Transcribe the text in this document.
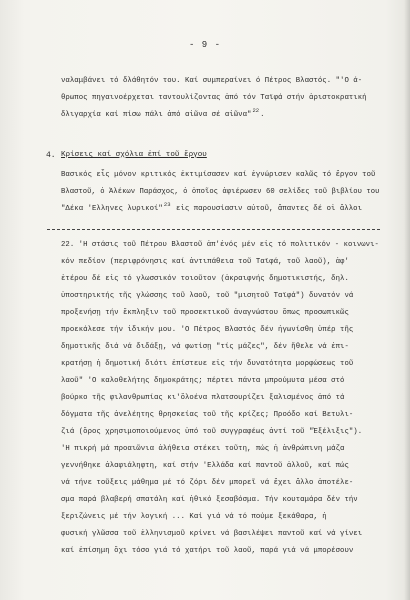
- 9 -
ναλαμβάνει τό δλάθητόν του. Καί συμπεραίνει ό Πέτρος Βλαστός. "'Ο ά-
θρωπος πηγαινοέρχεται ταντουλίζοντας ἀπό τόν Ταϊφά στήν ἀριστοκρατική
δλιγαρχία καί πίσω πάλι ἀπό αἰῶνα σέ αἰῶνα"$^{22}$.
4. Κρίσεις καί σχόλια ἐπί τοῦ ἔργου
Βασικός εἶς μόνον κριτικός ἐκτιμίσασεν καί ἐγνώρισεν καλῶς τό ἔργον τοῦ
Βλαστοῦ, ὁ Ἀλέκων Παράσχος, ὁ ὁποῖος ἀφιέρωσεν 60 σελίδες τοῦ βιβλίου του
"Δέκα 'Ελληνες λυρικοί"$^{23}$ εἰς παρουσίασιν αὐτοῦ, ἅπαντες δέ οἱ ἄλλοι
22. 'Η στάσις τοῦ Πέτρου Βλαστοῦ ἀπ'ἐνός μέν εἰς τό πολιτικόν - κοινωνι-
κόν πεδίον (περιφρόνησις καί ἀντιπάθεια τοῦ Ταϊφά, τοῦ λαοῦ), ἀφ'
ἑτέρου δέ εἰς τό γλωσσικόν τοιοῦτον (ἀκραιφνής δημοτικιστής, δηλ.
ὑποστηρικτής τῆς γλώσσης τοῦ λαοῦ, τοῦ "μισητοῦ Ταϊφά") δυνατόν νά
προξενήσῃ τήν ἔκπληξιν τοῦ προσεκτικοῦ ἀναγνώστου ὅπως προσωπικῶς
προεκάλεσε τήν ἰδικήν μου. 'Ο Πέτρος Βλαστός δέν ἠγωνίσθη ὑπέρ τῆς
δημοτικῆς διά νά διδάξῃ, νά φωτίσῃ "τίς μάζες", δέν ἤθελε νά ἐπι-
κρατήσῃ ἡ δημοτική διότι ἐπίστευε εἰς τήν δυνατότητα μορφώσεως τοῦ
λαοῦ" 'Ο καλοθελήτης δημοκράτης; πέρτει πάντα μπρούμυτα μέσα στό
βούρκο τῆς φιλανθρωπίας κι'ὅλοένα πλατσουρίζει ξαλισμένος ἀπό τά
δόγματα τῆς ἀνελέητης θρησκείας τοῦ τῆς κρίζες; Προόδο καί Βετυλι-
ζιά (ὅρος χρησιμοποιούμενος ὑπό τοῦ συγγραφέως ἀντί τοῦ "Ἐξέλιξις").
'Η πικρή μά προαιῶνια ἀλήθεια στέκει τοῦτη, πώς ἡ ἀνθρώπινη μάζα
γεννήθηκε ἀλαφιάληφτη, καί στήν 'Ελλάδα καί παντοῦ ἀλλοῦ, καί πώς
νά τήνε τοῦξεις μάθημα μέ τό ζόρι δέν μπορεῖ νά ἔχει ἄλλο ἀποτέλε-
σμα παρά βλαβερή σπατάλη καί ἠθικό ξεσαβόσμα. Τήν κουταμάρα δέν τήν
ξεριζώνεις μέ τήν λογική ... Καί γιά νά τό πούμε ξεκάθαρα, ἡ
φυσική γλῶσσα τοῦ ἑλληνισμοῦ κρίνει νά βασιλέψει παντοῦ καί νά γίνει
καί ἐπίσημη ὄχι τόσο γιά τό χατήρι τοῦ λαοῦ, παρά γιά νά μπορέσουν
